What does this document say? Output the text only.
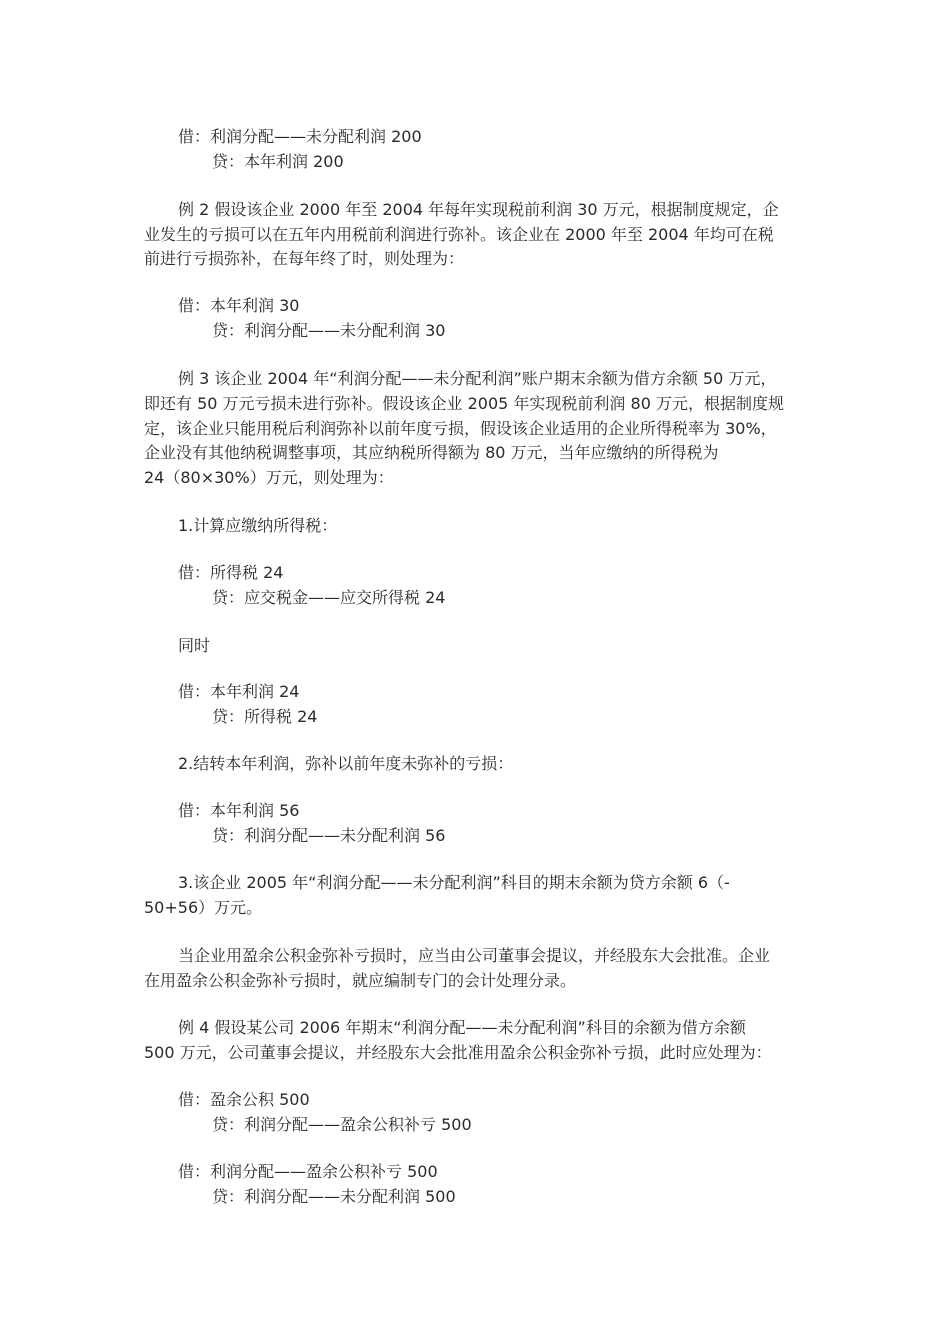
借：利润分配——未分配利润 200
贷：本年利润 200
例 2 假设该企业 2000 年至 2004 年每年实现税前利润 30 万元，根据制度规定，企
业发生的亏损可以在五年内用税前利润进行弥补。该企业在 2000 年至 2004 年均可在税
前进行亏损弥补，在每年终了时，则处理为：
借：本年利润 30
贷：利润分配——未分配利润 30
例 3 该企业 2004 年“利润分配——未分配利润”账户期末余额为借方余额 50 万元，
即还有 50 万元亏损未进行弥补。假设该企业 2005 年实现税前利润 80 万元，根据制度规
定，该企业只能用税后利润弥补以前年度亏损，假设该企业适用的企业所得税率为 30%，
企业没有其他纳税调整事项，其应纳税所得额为 80 万元，当年应缴纳的所得税为
24（80×30%）万元，则处理为：
1.计算应缴纳所得税：
借：所得税 24
贷：应交税金——应交所得税 24
同时
借：本年利润 24
贷：所得税 24
2.结转本年利润，弥补以前年度未弥补的亏损：
借：本年利润 56
贷：利润分配——未分配利润 56
3.该企业 2005 年“利润分配——未分配利润”科目的期末余额为贷方余额 6（-
50+56）万元。
当企业用盈余公积金弥补亏损时，应当由公司董事会提议，并经股东大会批准。企业
在用盈余公积金弥补亏损时，就应编制专门的会计处理分录。
例 4 假设某公司 2006 年期末“利润分配——未分配利润”科目的余额为借方余额
500 万元，公司董事会提议，并经股东大会批准用盈余公积金弥补亏损，此时应处理为：
借：盈余公积 500
贷：利润分配——盈余公积补亏 500
借：利润分配——盈余公积补亏 500
贷：利润分配——未分配利润 500
